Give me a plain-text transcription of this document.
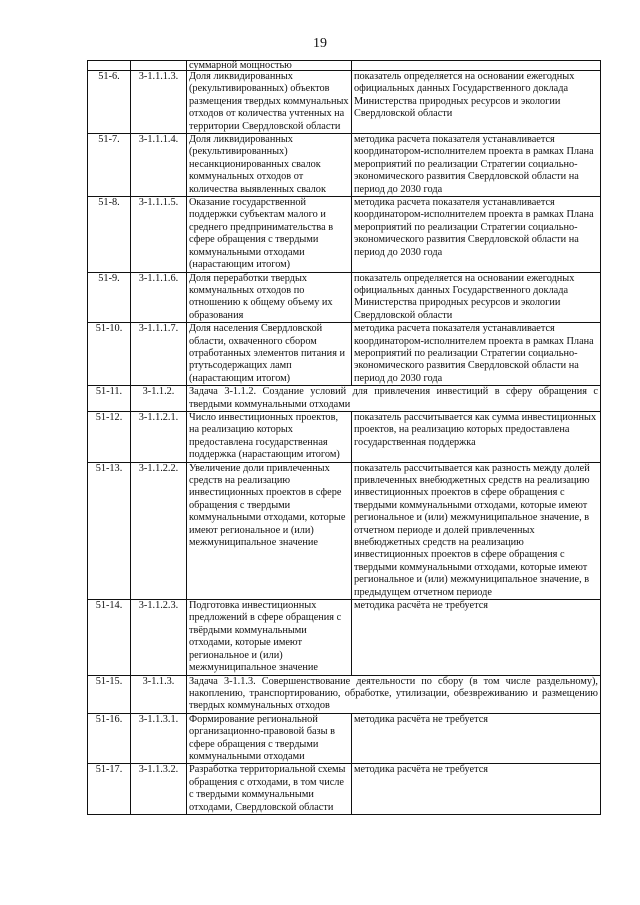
19
		суммарной мощностью	
51-6.	3-1.1.1.3.	Доля ликвидированных (рекультивированных) объектов размещения твердых коммунальных отходов от количества учтенных на территории Свердловской области	показатель определяется на основании ежегодных официальных данных Государственного доклада Министерства природных ресурсов и экологии Свердловской области
51-7.	3-1.1.1.4.	Доля ликвидированных (рекультивированных) несанкционированных свалок коммунальных отходов от количества выявленных свалок	методика расчета показателя устанавливается координатором-исполнителем проекта в рамках Плана мероприятий по реализации Стратегии социально-экономического развития Свердловской области на период до 2030 года
51-8.	3-1.1.1.5.	Оказание государственной поддержки субъектам малого и среднего предпринимательства в сфере обращения с твердыми коммунальными отходами (нарастающим итогом)	методика расчета показателя устанавливается координатором-исполнителем проекта в рамках Плана мероприятий по реализации Стратегии социально-экономического развития Свердловской области на период до 2030 года
51-9.	3-1.1.1.6.	Доля переработки твердых коммунальных отходов по отношению к общему объему их образования	показатель определяется на основании ежегодных официальных данных Государственного доклада Министерства природных ресурсов и экологии Свердловской области
51-10.	3-1.1.1.7.	Доля населения Свердловской области, охваченного сбором отработанных элементов питания и ртутьсодержащих ламп (нарастающим итогом)	методика расчета показателя устанавливается координатором-исполнителем проекта в рамках Плана мероприятий по реализации Стратегии социально-экономического развития Свердловской области на период до 2030 года
51-11.	3-1.1.2.	Задача 3-1.1.2. Создание условий для привлечения инвестиций в сферу обращения с твердыми коммунальными отходами	
51-12.	3-1.1.2.1.	Число инвестиционных проектов, на реализацию которых предоставлена государственная поддержка (нарастающим итогом)	показатель рассчитывается как сумма инвестиционных проектов, на реализацию которых предоставлена государственная поддержка
51-13.	3-1.1.2.2.	Увеличение доли привлеченных средств на реализацию инвестиционных проектов в сфере обращения с твердыми коммунальными отходами, которые имеют региональное и (или) межмуниципальное значение	показатель рассчитывается как разность между долей привлеченных внебюджетных средств на реализацию инвестиционных проектов в сфере обращения с твердыми коммунальными отходами, которые имеют региональное и (или) межмуниципальное значение, в отчетном периоде и долей привлеченных внебюджетных средств на реализацию инвестиционных проектов в сфере обращения с твердыми коммунальными отходами, которые имеют региональное и (или) межмуниципальное значение, в предыдущем отчетном периоде
51-14.	3-1.1.2.3.	Подготовка инвестиционных предложений в сфере обращения с твёрдыми коммунальными отходами, которые имеют региональное и (или) межмуниципальное значение	методика расчёта не требуется
51-15.	3-1.1.3.	Задача 3-1.1.3. Совершенствование деятельности по сбору (в том числе раздельному), накоплению, транспортированию, обработке, утилизации, обезвреживанию и размещению твердых коммунальных отходов	
51-16.	3-1.1.3.1.	Формирование региональной организационно-правовой базы в сфере обращения с твердыми коммунальными отходами	методика расчёта не требуется
51-17.	3-1.1.3.2.	Разработка территориальной схемы обращения с отходами, в том числе с твердыми коммунальными отходами, Свердловской области	методика расчёта не требуется
